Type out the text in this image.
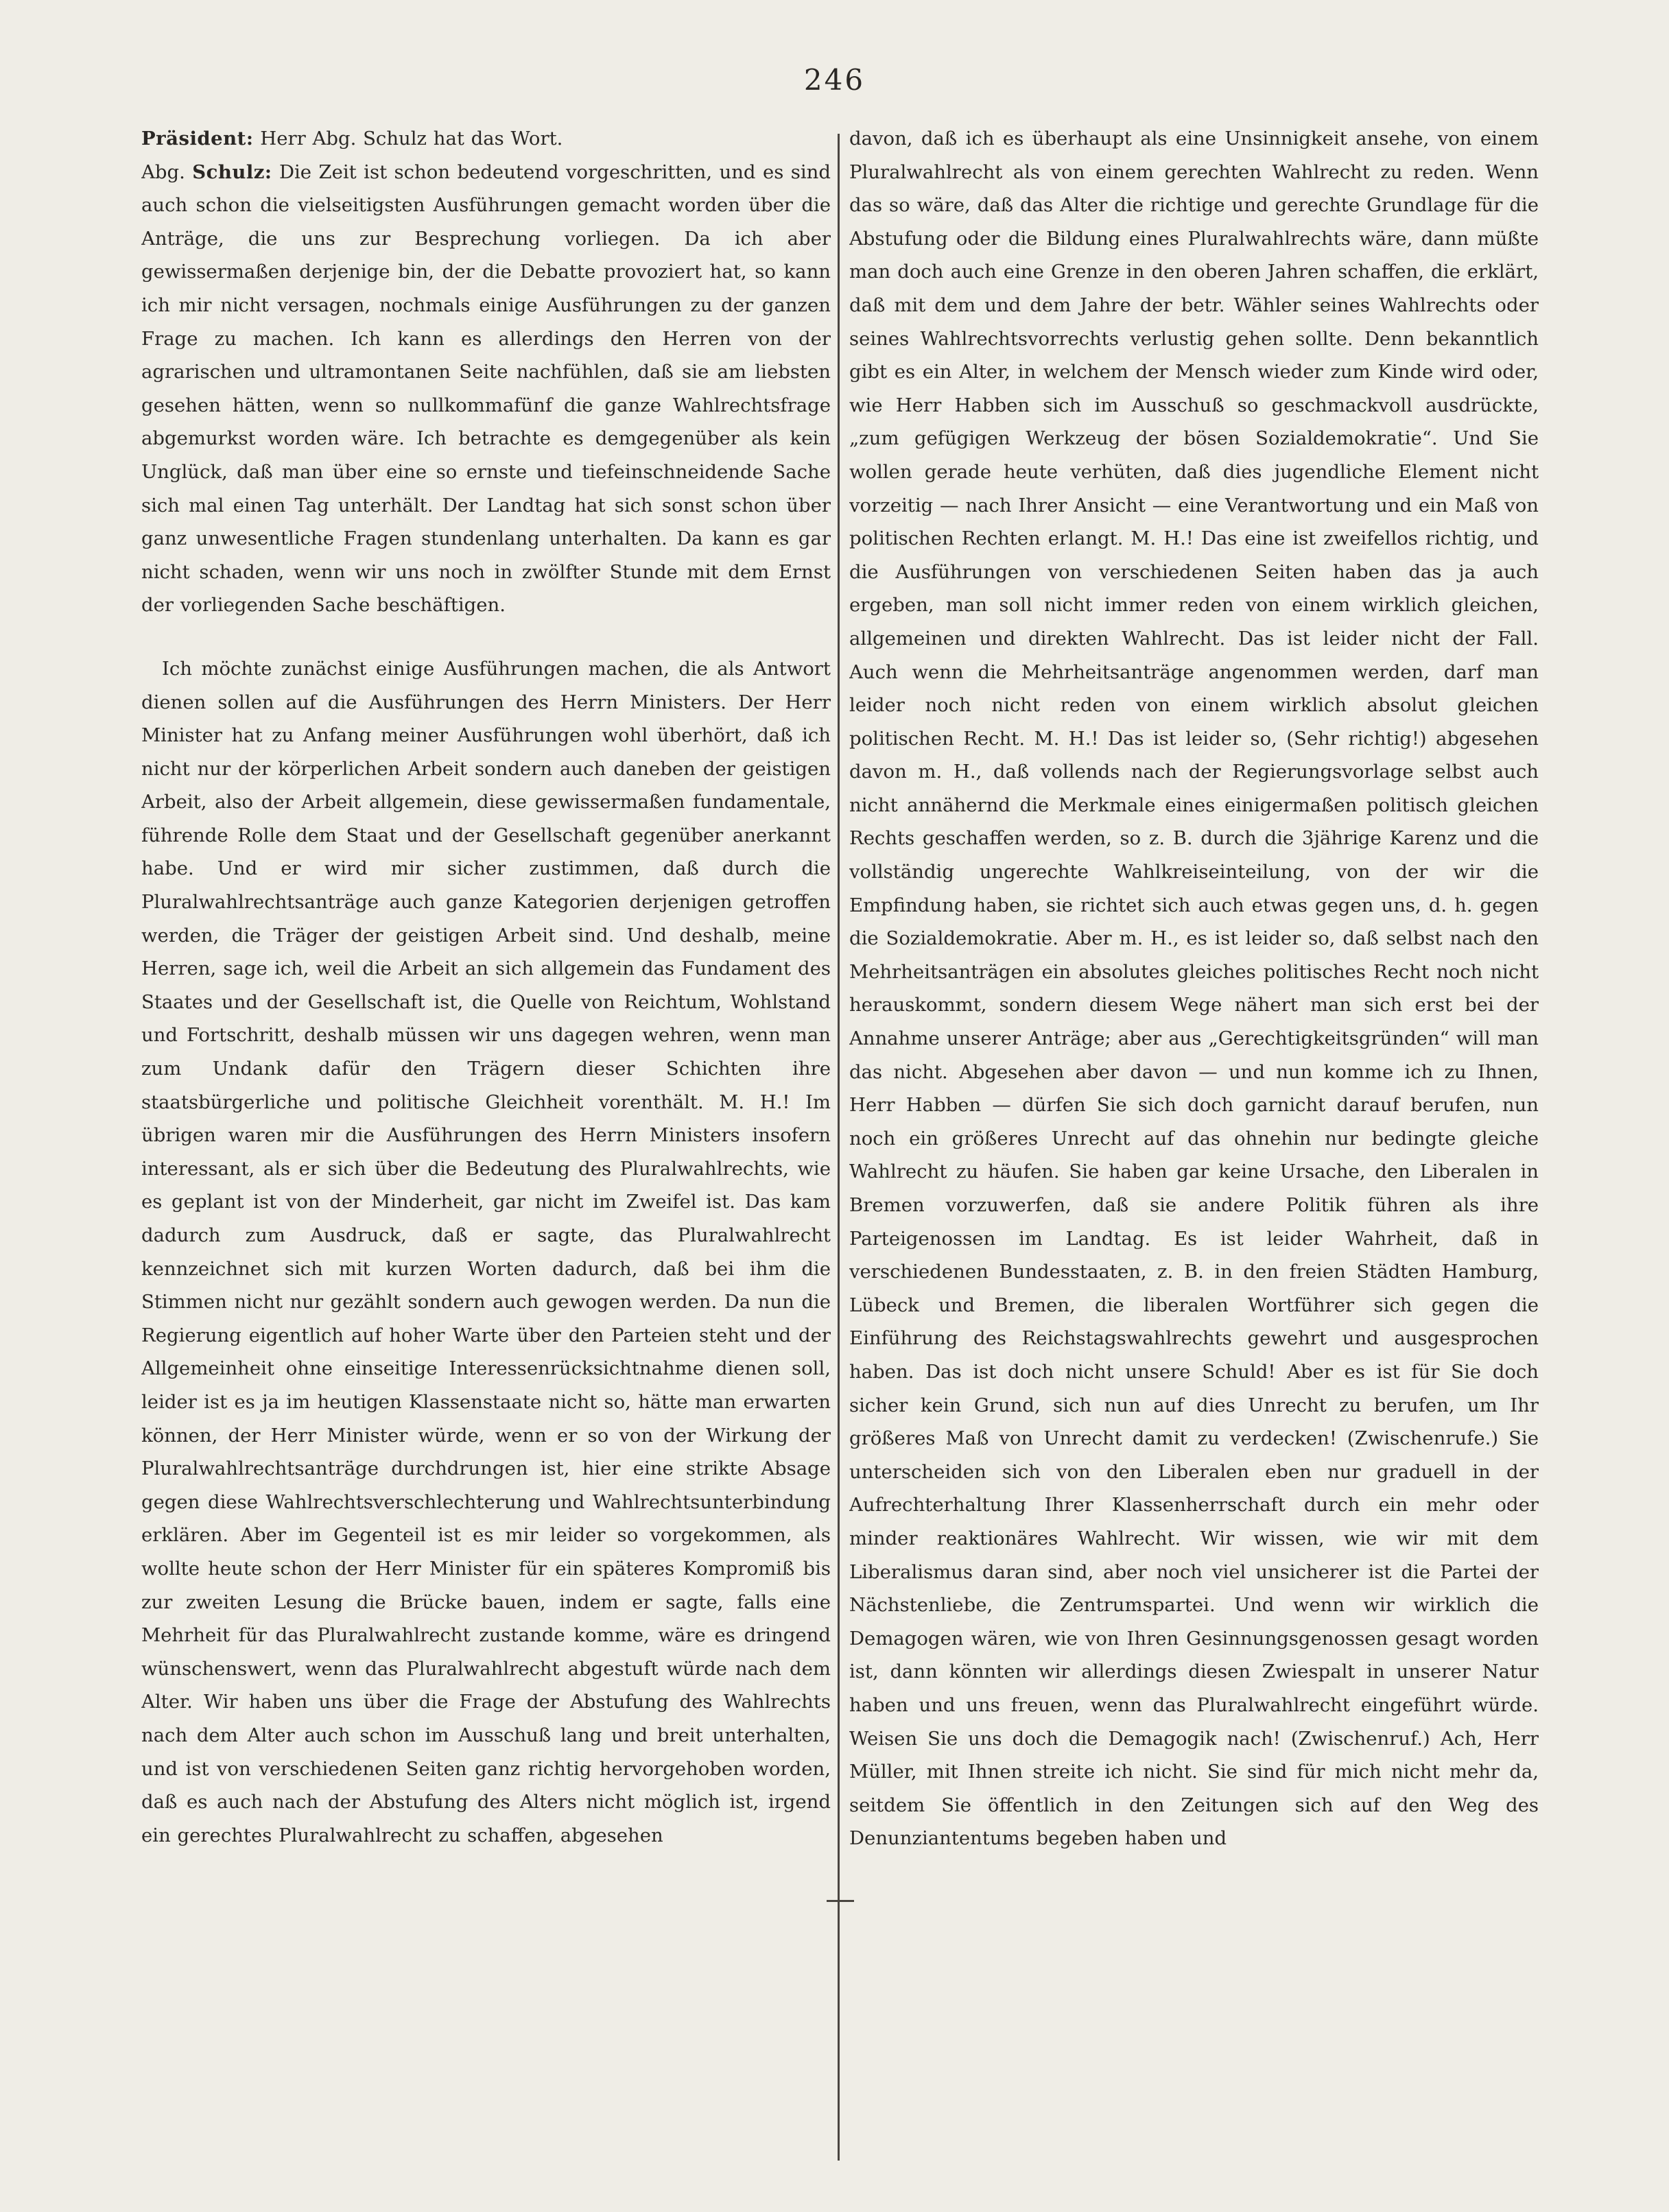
246

Präsident: Herr Abg. Schulz hat das Wort.

Abg. Schulz: Die Zeit ist schon bedeutend vorgeschritten, und es sind auch schon die vielseitigsten Ausführungen gemacht worden über die Anträge, die uns zur Besprechung vorliegen. Da ich aber gewissermaßen derjenige bin, der die Debatte provoziert hat, so kann ich mir nicht versagen, nochmals einige Ausführungen zu der ganzen Frage zu machen. Ich kann es allerdings den Herren von der agrarischen und ultramontanen Seite nachfühlen, daß sie am liebsten gesehen hätten, wenn so nullkommafünf die ganze Wahlrechtsfrage abgemurkst worden wäre. Ich betrachte es demgegenüber als kein Unglück, daß man über eine so ernste und tiefeinschneidende Sache sich mal einen Tag unterhält. Der Landtag hat sich sonst schon über ganz unwesentliche Fragen stundenlang unterhalten. Da kann es gar nicht schaden, wenn wir uns noch in zwölfter Stunde mit dem Ernst der vorliegenden Sache beschäftigen.

Ich möchte zunächst einige Ausführungen machen, die als Antwort dienen sollen auf die Ausführungen des Herrn Ministers. Der Herr Minister hat zu Anfang meiner Ausführungen wohl überhört, daß ich nicht nur der körperlichen Arbeit sondern auch daneben der geistigen Arbeit, also der Arbeit allgemein, diese gewissermaßen fundamentale, führende Rolle dem Staat und der Gesellschaft gegenüber anerkannt habe. Und er wird mir sicher zustimmen, daß durch die Pluralwahlrechtsanträge auch ganze Kategorien derjenigen getroffen werden, die Träger der geistigen Arbeit sind. Und deshalb, meine Herren, sage ich, weil die Arbeit an sich allgemein das Fundament des Staates und der Gesellschaft ist, die Quelle von Reichtum, Wohlstand und Fortschritt, deshalb müssen wir uns dagegen wehren, wenn man zum Undank dafür den Trägern dieser Schichten ihre staatsbürgerliche und politische Gleichheit vorenthält. M. H.! Im übrigen waren mir die Ausführungen des Herrn Ministers insofern interessant, als er sich über die Bedeutung des Pluralwahlrechts, wie es geplant ist von der Minderheit, gar nicht im Zweifel ist. Das kam dadurch zum Ausdruck, daß er sagte, das Pluralwahlrecht kennzeichnet sich mit kurzen Worten dadurch, daß bei ihm die Stimmen nicht nur gezählt sondern auch gewogen werden. Da nun die Regierung eigentlich auf hoher Warte über den Parteien steht und der Allgemeinheit ohne einseitige Interessenrücksichtnahme dienen soll, leider ist es ja im heutigen Klassenstaate nicht so, hätte man erwarten können, der Herr Minister würde, wenn er so von der Wirkung der Pluralwahlrechtsanträge durchdrungen ist, hier eine strikte Absage gegen diese Wahlrechtsverschlechterung und Wahlrechtsunterbindung erklären. Aber im Gegenteil ist es mir leider so vorgekommen, als wollte heute schon der Herr Minister für ein späteres Kompromiß bis zur zweiten Lesung die Brücke bauen, indem er sagte, falls eine Mehrheit für das Pluralwahlrecht zustande komme, wäre es dringend wünschenswert, wenn das Pluralwahlrecht abgestuft würde nach dem Alter. Wir haben uns über die Frage der Abstufung des Wahlrechts nach dem Alter auch schon im Ausschuß lang und breit unterhalten, und ist von verschiedenen Seiten ganz richtig hervorgehoben worden, daß es auch nach der Abstufung des Alters nicht möglich ist, irgend ein gerechtes Pluralwahlrecht zu schaffen, abgesehen

davon, daß ich es überhaupt als eine Unsinnigkeit ansehe, von einem Pluralwahlrecht als von einem gerechten Wahlrecht zu reden. Wenn das so wäre, daß das Alter die richtige und gerechte Grundlage für die Abstufung oder die Bildung eines Pluralwahlrechts wäre, dann müßte man doch auch eine Grenze in den oberen Jahren schaffen, die erklärt, daß mit dem und dem Jahre der betr. Wähler seines Wahlrechts oder seines Wahlrechtsvorrechts verlustig gehen sollte. Denn bekanntlich gibt es ein Alter, in welchem der Mensch wieder zum Kinde wird oder, wie Herr Habben sich im Ausschuß so geschmackvoll ausdrückte, „zum gefügigen Werkzeug der bösen Sozialdemokratie“. Und Sie wollen gerade heute verhüten, daß dies jugendliche Element nicht vorzeitig — nach Ihrer Ansicht — eine Verantwortung und ein Maß von politischen Rechten erlangt. M. H.! Das eine ist zweifellos richtig, und die Ausführungen von verschiedenen Seiten haben das ja auch ergeben, man soll nicht immer reden von einem wirklich gleichen, allgemeinen und direkten Wahlrecht. Das ist leider nicht der Fall. Auch wenn die Mehrheitsanträge angenommen werden, darf man leider noch nicht reden von einem wirklich absolut gleichen politischen Recht. M. H.! Das ist leider so, (Sehr richtig!) abgesehen davon m. H., daß vollends nach der Regierungsvorlage selbst auch nicht annähernd die Merkmale eines einigermaßen politisch gleichen Rechts geschaffen werden, so z. B. durch die 3jährige Karenz und die vollständig ungerechte Wahlkreiseinteilung, von der wir die Empfindung haben, sie richtet sich auch etwas gegen uns, d. h. gegen die Sozialdemokratie. Aber m. H., es ist leider so, daß selbst nach den Mehrheitsanträgen ein absolutes gleiches politisches Recht noch nicht herauskommt, sondern diesem Wege nähert man sich erst bei der Annahme unserer Anträge; aber aus „Gerechtigkeitsgründen“ will man das nicht. Abgesehen aber davon — und nun komme ich zu Ihnen, Herr Habben — dürfen Sie sich doch garnicht darauf berufen, nun noch ein größeres Unrecht auf das ohnehin nur bedingte gleiche Wahlrecht zu häufen. Sie haben gar keine Ursache, den Liberalen in Bremen vorzuwerfen, daß sie andere Politik führen als ihre Parteigenossen im Landtag. Es ist leider Wahrheit, daß in verschiedenen Bundesstaaten, z. B. in den freien Städten Hamburg, Lübeck und Bremen, die liberalen Wortführer sich gegen die Einführung des Reichstagswahlrechts gewehrt und ausgesprochen haben. Das ist doch nicht unsere Schuld! Aber es ist für Sie doch sicher kein Grund, sich nun auf dies Unrecht zu berufen, um Ihr größeres Maß von Unrecht damit zu verdecken! (Zwischenrufe.) Sie unterscheiden sich von den Liberalen eben nur graduell in der Aufrechterhaltung Ihrer Klassenherrschaft durch ein mehr oder minder reaktionäres Wahlrecht. Wir wissen, wie wir mit dem Liberalismus daran sind, aber noch viel unsicherer ist die Partei der Nächstenliebe, die Zentrumspartei. Und wenn wir wirklich die Demagogen wären, wie von Ihren Gesinnungsgenossen gesagt worden ist, dann könnten wir allerdings diesen Zwiespalt in unserer Natur haben und uns freuen, wenn das Pluralwahlrecht eingeführt würde. Weisen Sie uns doch die Demagogik nach! (Zwischenruf.) Ach, Herr Müller, mit Ihnen streite ich nicht. Sie sind für mich nicht mehr da, seitdem Sie öffentlich in den Zeitungen sich auf den Weg des Denunziantentums begeben haben und
